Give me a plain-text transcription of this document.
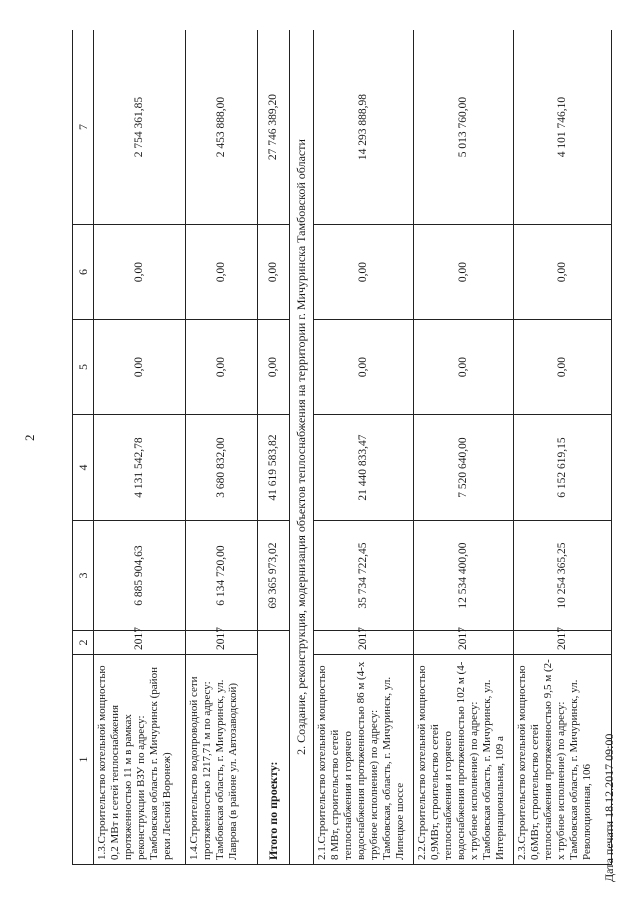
2
1	2	3	4	5	6	7
1.3.Строительство котельной мощностью 0,2 МВт и сетей теплоснабжения протяженностью 11 м в рамках реконструкции ВЗУ по адресу: Тамбовская область г. Мичуринск (район реки Лесной Воронеж)	2017	6 885 904,63	4 131 542,78	0,00	0,00	2 754 361,85
1.4.Строительство водопроводной сети протяженностью 1217,71 м по адресу: Тамбовская область, г. Мичуринск, ул. Лаврова (в районе ул. Автозаводской)	2017	6 134 720,00	3 680 832,00	0,00	0,00	2 453 888,00
Итого по проекту:		69 365 973,02	41 619 583,82	0,00	0,00	27 746 389,20
2. Создание, реконструкция, модернизация объектов теплоснабжения на территории г. Мичуринска Тамбовской области						
2.1.Строительство котельной мощностью 8 МВт, строительство сетей теплоснабжения и горячего водоснабжения протяженностью 86 м (4-х трубное исполнение) по адресу: Тамбовская, область, г. Мичуринск, ул. Липецкое шоссе	2017	35 734 722,45	21 440 833,47	0,00	0,00	14 293 888,98
2.2.Строительство котельной мощностью 0,9МВт, строительство сетей теплоснабжения и горячего водоснабжения протяженностью 102 м (4-х трубное исполнение) по адресу: Тамбовская область, г. Мичуринск, ул. Интернациональная, 109 а	2017	12 534 400,00	7 520 640,00	0,00	0,00	5 013 760,00
2.3.Строительство котельной мощностью 0,6МВт, строительство сетей теплоснабжения протяженностью 9,5 м (2-х трубное исполнение) по адресу: Тамбовская область, г. Мичуринск, ул. Революционная, 106	2017	10 254 365,25	6 152 619,15	0,00	0,00	4 101 746,10
Дата печати 18.12.2017 09:00
